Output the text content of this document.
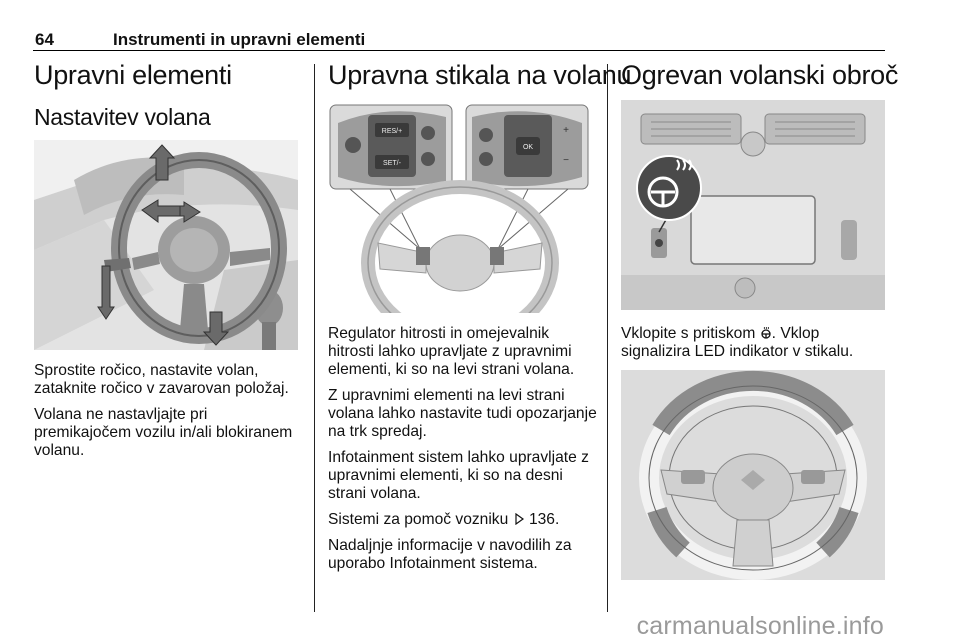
64	Instrumenti in upravni elementi
Upravni elementi
Nastavitev volana

Sprostite ročico, nastavite volan, zataknite ročico v zavarovan položaj.

Volana ne nastavljajte pri premikajočem vozilu in/ali blokiranem volanu.

Upravna stikala na volanu
RES/+
SET/-
OK
+
−

Regulator hitrosti in omejevalnik hitrosti lahko upravljate z upravnimi elementi, ki so na levi strani volana.

Z upravnimi elementi na levi strani volana lahko nastavite tudi opozarjanje na trk spredaj.

Infotainment sistem lahko upravljate z upravnimi elementi, ki so na desni strani volana.

Sistemi za pomoč vozniku 136.

Nadaljnje informacije v navodilih za uporabo Infotainment sistema.

Ogrevan volanski obroč

Vklopite s pritiskom . Vklop signalizira LED indikator v stikalu.

carmanualsonline.info
